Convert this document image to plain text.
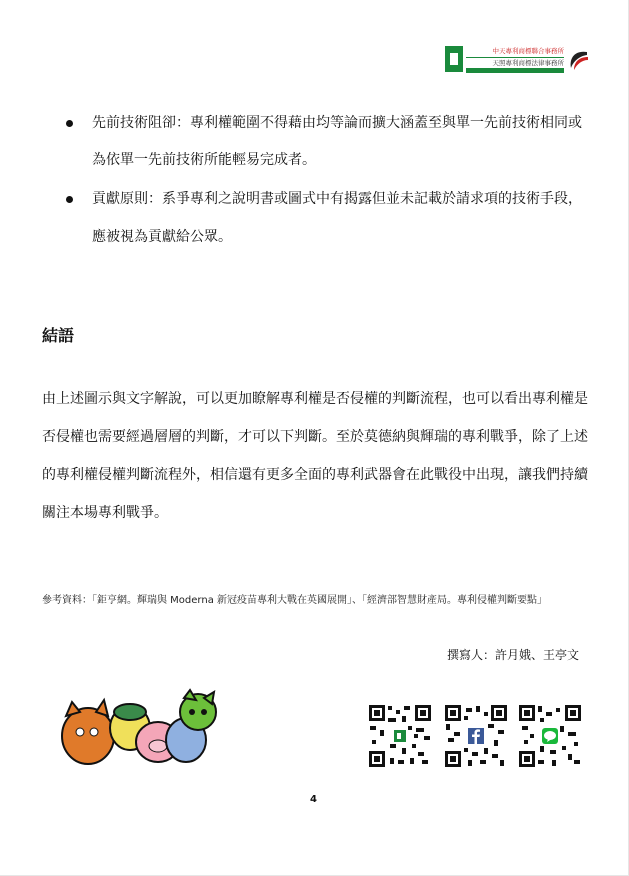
中天專利商標聯合事務所
天照專利商標法律事務所
先前技術阻卻：專利權範圍不得藉由均等論而擴大涵蓋至與單一先前技術相同或
為依單一先前技術所能輕易完成者。
貢獻原則：系爭專利之說明書或圖式中有揭露但並未記載於請求項的技術手段，
應被視為貢獻給公眾。
結語
由上述圖示與文字解說，可以更加瞭解專利權是否侵權的判斷流程，也可以看出專利權是
否侵權也需要經過層層的判斷，才可以下判斷。至於莫德納與輝瑞的專利戰爭，除了上述
的專利權侵權判斷流程外，相信還有更多全面的專利武器會在此戰役中出現，讓我們持續
關注本場專利戰爭。
參考資料：「鉅亨網。輝瑞與 Moderna 新冠疫苗專利大戰在英國展開」、「經濟部智慧財產局。專利侵權判斷要點」
撰寫人：許月娥、王亭文
4
